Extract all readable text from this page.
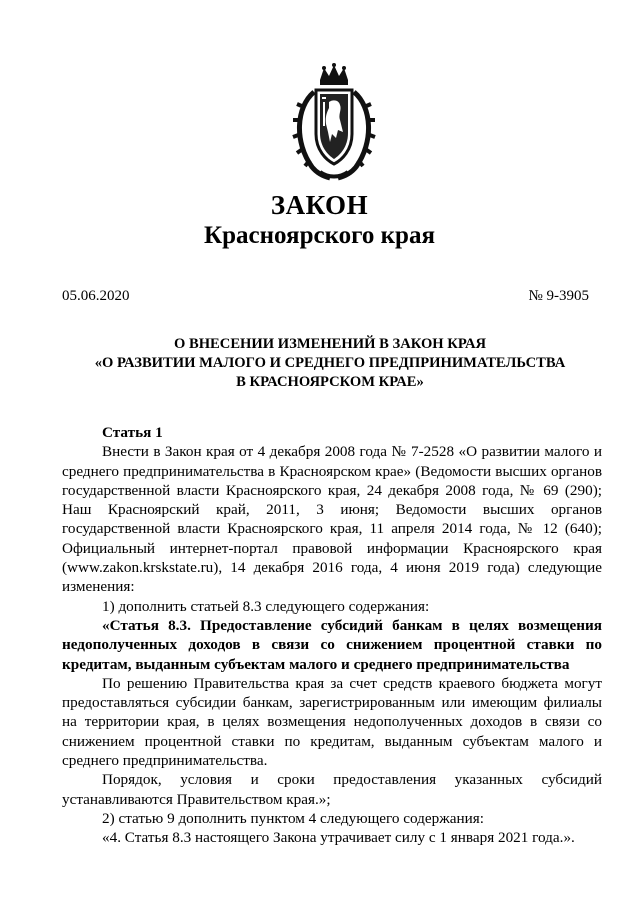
ЗАКОН
Красноярского края
05.06.2020	№ 9-3905
О ВНЕСЕНИИ ИЗМЕНЕНИЙ В ЗАКОН КРАЯ
«О РАЗВИТИИ МАЛОГО И СРЕДНЕГО ПРЕДПРИНИМАТЕЛЬСТВА
В КРАСНОЯРСКОМ КРАЕ»

Статья 1

Внести в Закон края от 4 декабря 2008 года № 7-2528 «О развитии малого и среднего предпринимательства в Красноярском крае» (Ведомости высших органов государственной власти Красноярского края, 24 декабря 2008 года, № 69 (290); Наш Красноярский край, 2011, 3 июня; Ведомости высших органов государственной власти Красноярского края, 11 апреля 2014 года, № 12 (640); Официальный интернет-портал правовой информации Красноярского края (www.zakon.krskstate.ru), 14 декабря 2016 года, 4 июня 2019 года) следующие изменения:

1) дополнить статьей 8.3 следующего содержания:

«Статья 8.3. Предоставление субсидий банкам в целях возмещения недополученных доходов в связи со снижением процентной ставки по кредитам, выданным субъектам малого и среднего предпринимательства

По решению Правительства края за счет средств краевого бюджета могут предоставляться субсидии банкам, зарегистрированным или имеющим филиалы на территории края, в целях возмещения недополученных доходов в связи со снижением процентной ставки по кредитам, выданным субъектам малого и среднего предпринимательства.

Порядок, условия и сроки предоставления указанных субсидий устанавливаются Правительством края.»;

2) статью 9 дополнить пунктом 4 следующего содержания:

«4. Статья 8.3 настоящего Закона утрачивает силу с 1 января 2021 года.».
